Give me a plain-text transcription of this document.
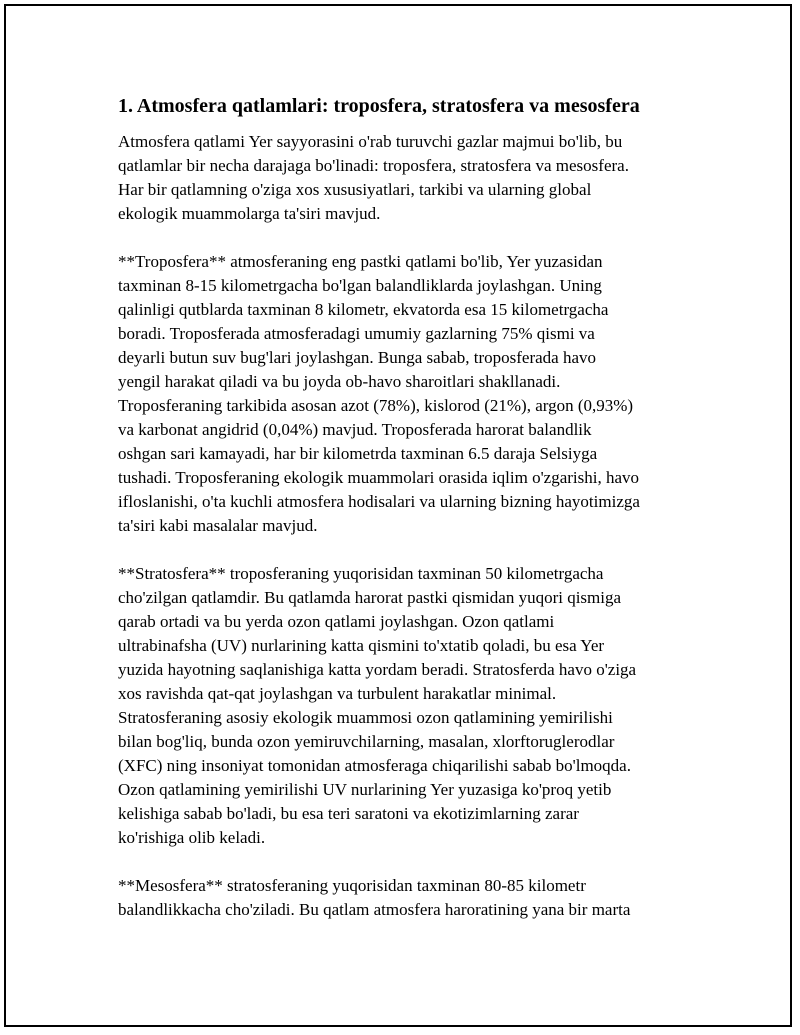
1. Atmosfera qatlamlari: troposfera, stratosfera va mesosfera

Atmosfera qatlami Yer sayyorasini o'rab turuvchi gazlar majmui bo'lib, bu
qatlamlar bir necha darajaga bo'linadi: troposfera, stratosfera va mesosfera.
Har bir qatlamning o'ziga xos xususiyatlari, tarkibi va ularning global
ekologik muammolarga ta'siri mavjud.

**Troposfera** atmosferaning eng pastki qatlami bo'lib, Yer yuzasidan
taxminan 8-15 kilometrgacha bo'lgan balandliklarda joylashgan. Uning
qalinligi qutblarda taxminan 8 kilometr, ekvatorda esa 15 kilometrgacha
boradi. Troposferada atmosferadagi umumiy gazlarning 75% qismi va
deyarli butun suv bug'lari joylashgan. Bunga sabab, troposferada havo
yengil harakat qiladi va bu joyda ob-havo sharoitlari shakllanadi.
Troposferaning tarkibida asosan azot (78%), kislorod (21%), argon (0,93%)
va karbonat angidrid (0,04%) mavjud. Troposferada harorat balandlik
oshgan sari kamayadi, har bir kilometrda taxminan 6.5 daraja Selsiyga
tushadi. Troposferaning ekologik muammolari orasida iqlim o'zgarishi, havo
ifloslanishi, o'ta kuchli atmosfera hodisalari va ularning bizning hayotimizga
ta'siri kabi masalalar mavjud.

**Stratosfera** troposferaning yuqorisidan taxminan 50 kilometrgacha
cho'zilgan qatlamdir. Bu qatlamda harorat pastki qismidan yuqori qismiga
qarab ortadi va bu yerda ozon qatlami joylashgan. Ozon qatlami
ultrabinafsha (UV) nurlarining katta qismini to'xtatib qoladi, bu esa Yer
yuzida hayotning saqlanishiga katta yordam beradi. Stratosferda havo o'ziga
xos ravishda qat-qat joylashgan va turbulent harakatlar minimal.
Stratosferaning asosiy ekologik muammosi ozon qatlamining yemirilishi
bilan bog'liq, bunda ozon yemiruvchilarning, masalan, xlorftoruglerodlar
(XFC) ning insoniyat tomonidan atmosferaga chiqarilishi sabab bo'lmoqda.
Ozon qatlamining yemirilishi UV nurlarining Yer yuzasiga ko'proq yetib
kelishiga sabab bo'ladi, bu esa teri saratoni va ekotizimlarning zarar
ko'rishiga olib keladi.

**Mesosfera** stratosferaning yuqorisidan taxminan 80-85 kilometr
balandlikkacha cho'ziladi. Bu qatlam atmosfera haroratining yana bir marta
